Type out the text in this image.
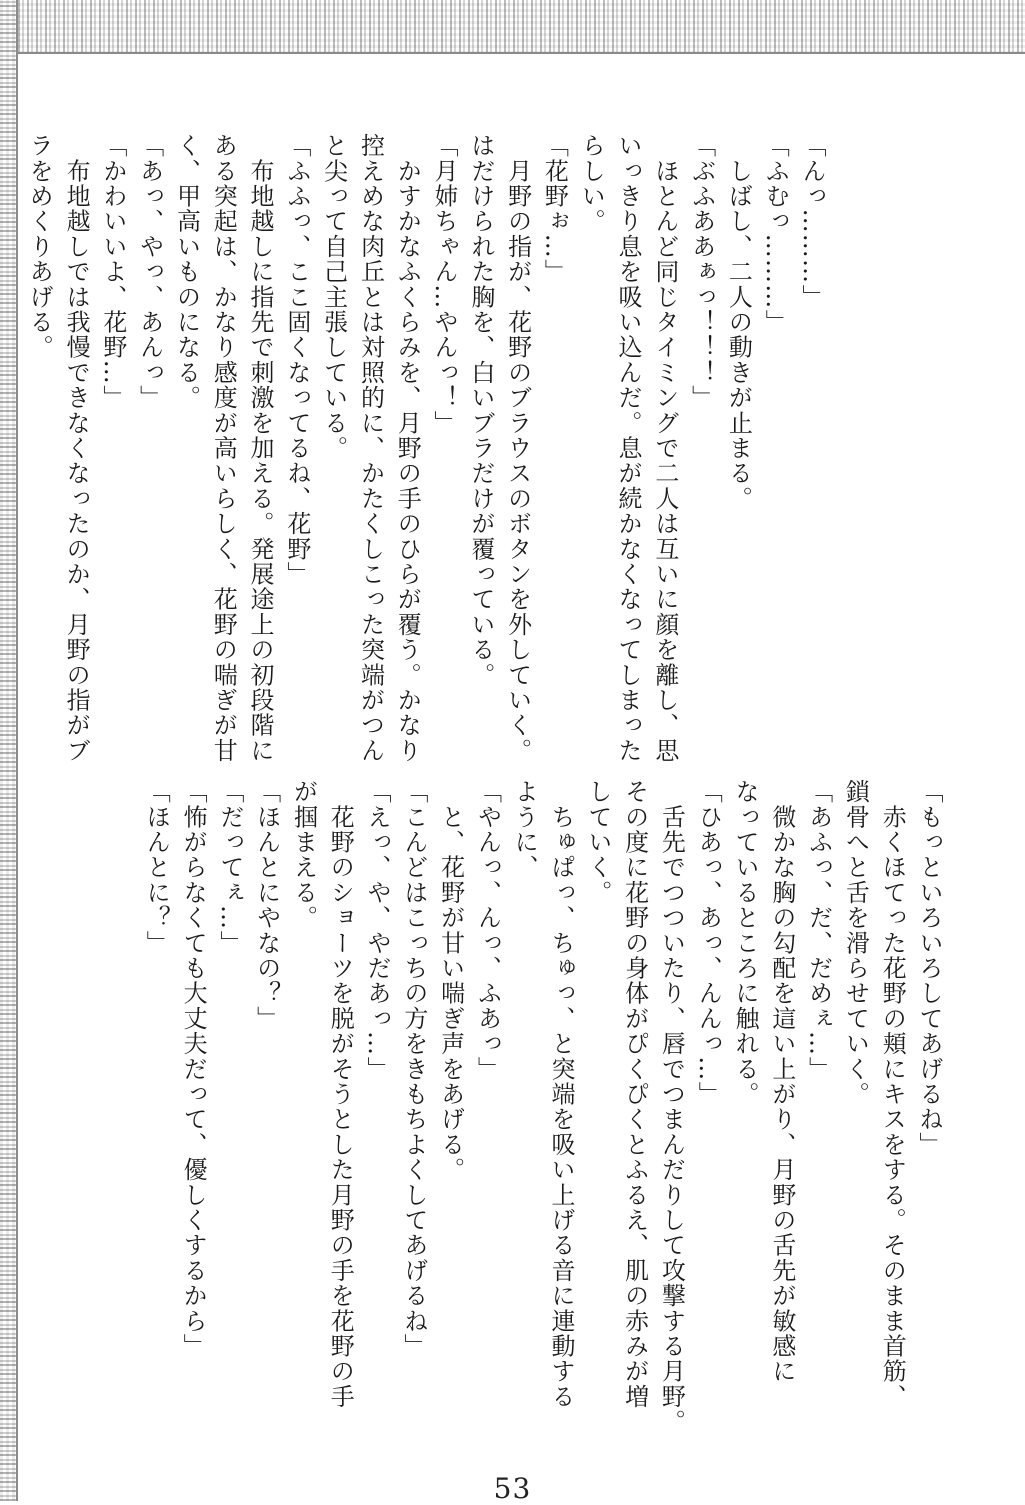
「んっ………」
「ふむっ………」
　しばし、二人の動きが止まる。
「ぶふああぁっ！！！」
　ほとんど同じタイミングで二人は互いに顔を離し、思
いっきり息を吸い込んだ。息が続かなくなってしまった
らしい。
「花野ぉ…」
　月野の指が、花野のブラウスのボタンを外していく。
はだけられた胸を、白いブラだけが覆っている。
「月姉ちゃん…やんっ！」
　かすかなふくらみを、月野の手のひらが覆う。かなり
控えめな肉丘とは対照的に、かたくしこった突端がつん
と尖って自己主張している。
「ふふっ、ここ固くなってるね、花野」
　布地越しに指先で刺激を加える。発展途上の初段階に
ある突起は、かなり感度が高いらしく、花野の喘ぎが甘
く、甲高いものになる。
「あっ、やっ、あんっ」
「かわいいよ、花野…」
　布地越しでは我慢できなくなったのか、月野の指がブ
ラをめくりあげる。
「もっといろいろしてあげるね」
　赤くほてった花野の頬にキスをする。そのまま首筋、
鎖骨へと舌を滑らせていく。
「あふっ、だ、だめぇ…」
　微かな胸の勾配を這い上がり、月野の舌先が敏感に
なっているところに触れる。
「ひあっ、あっ、んんっ…」
　舌先でつついたり、唇でつまんだりして攻撃する月野。
その度に花野の身体がぴくぴくとふるえ、肌の赤みが増
していく。
　ちゅぱっ、ちゅっ、と突端を吸い上げる音に連動する
ように、
「やんっ、んっ、ふあっ」
　と、花野が甘い喘ぎ声をあげる。
「こんどはこっちの方をきもちよくしてあげるね」
「えっ、や、やだあっ…」
　花野のショーツを脱がそうとした月野の手を花野の手
が掴まえる。
「ほんとにやなの？」
「だってぇ…」
「怖がらなくても大丈夫だって、優しくするから」
「ほんとに？」
53
